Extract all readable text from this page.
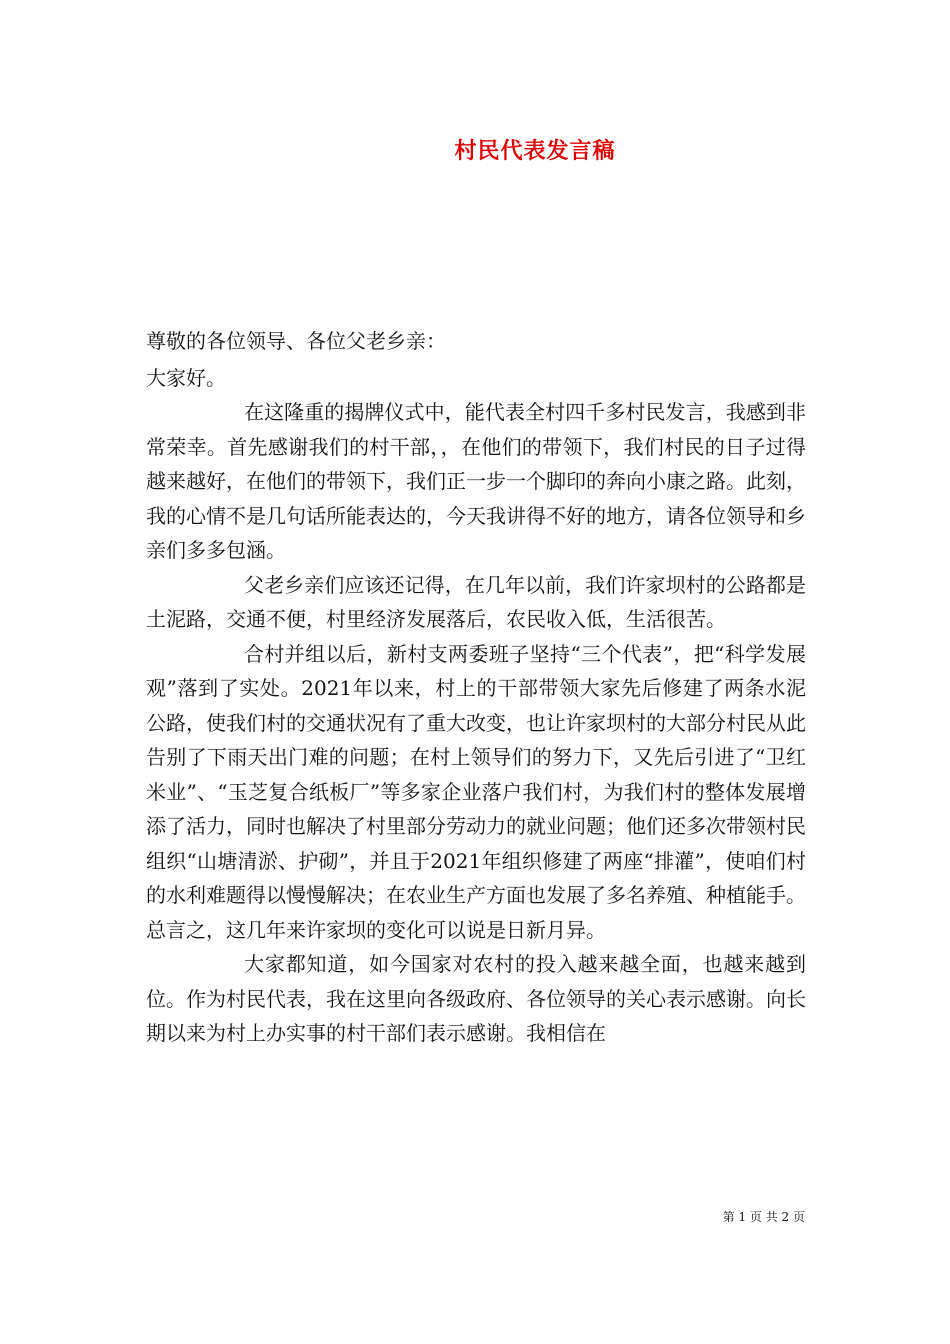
村民代表发言稿

尊敬的各位领导、各位父老乡亲：

大家好。

在这隆重的揭牌仪式中，能代表全村四千多村民发言，我感到非常荣幸。首先感谢我们的村干部，，在他们的带领下，我们村民的日子过得越来越好，在他们的带领下，我们正一步一个脚印的奔向小康之路。此刻，我的心情不是几句话所能表达的，今天我讲得不好的地方，请各位领导和乡亲们多多包涵。

父老乡亲们应该还记得，在几年以前，我们许家坝村的公路都是土泥路，交通不便，村里经济发展落后，农民收入低，生活很苦。

合村并组以后，新村支两委班子坚持“三个代表”，把“科学发展观”落到了实处。2021年以来，村上的干部带领大家先后修建了两条水泥公路，使我们村的交通状况有了重大改变，也让许家坝村的大部分村民从此告别了下雨天出门难的问题；在村上领导们的努力下，又先后引进了“卫红米业”、“玉芝复合纸板厂”等多家企业落户我们村，为我们村的整体发展增添了活力，同时也解决了村里部分劳动力的就业问题；他们还多次带领村民组织“山塘清淤、护砌”，并且于2021年组织修建了两座“排灌”，使咱们村的水利难题得以慢慢解决；在农业生产方面也发展了多名养殖、种植能手。总言之，这几年来许家坝的变化可以说是日新月异。

大家都知道，如今国家对农村的投入越来越全面，也越来越到位。作为村民代表，我在这里向各级政府、各位领导的关心表示感谢。向长期以来为村上办实事的村干部们表示感谢。我相信在

第 1 页 共 2 页
